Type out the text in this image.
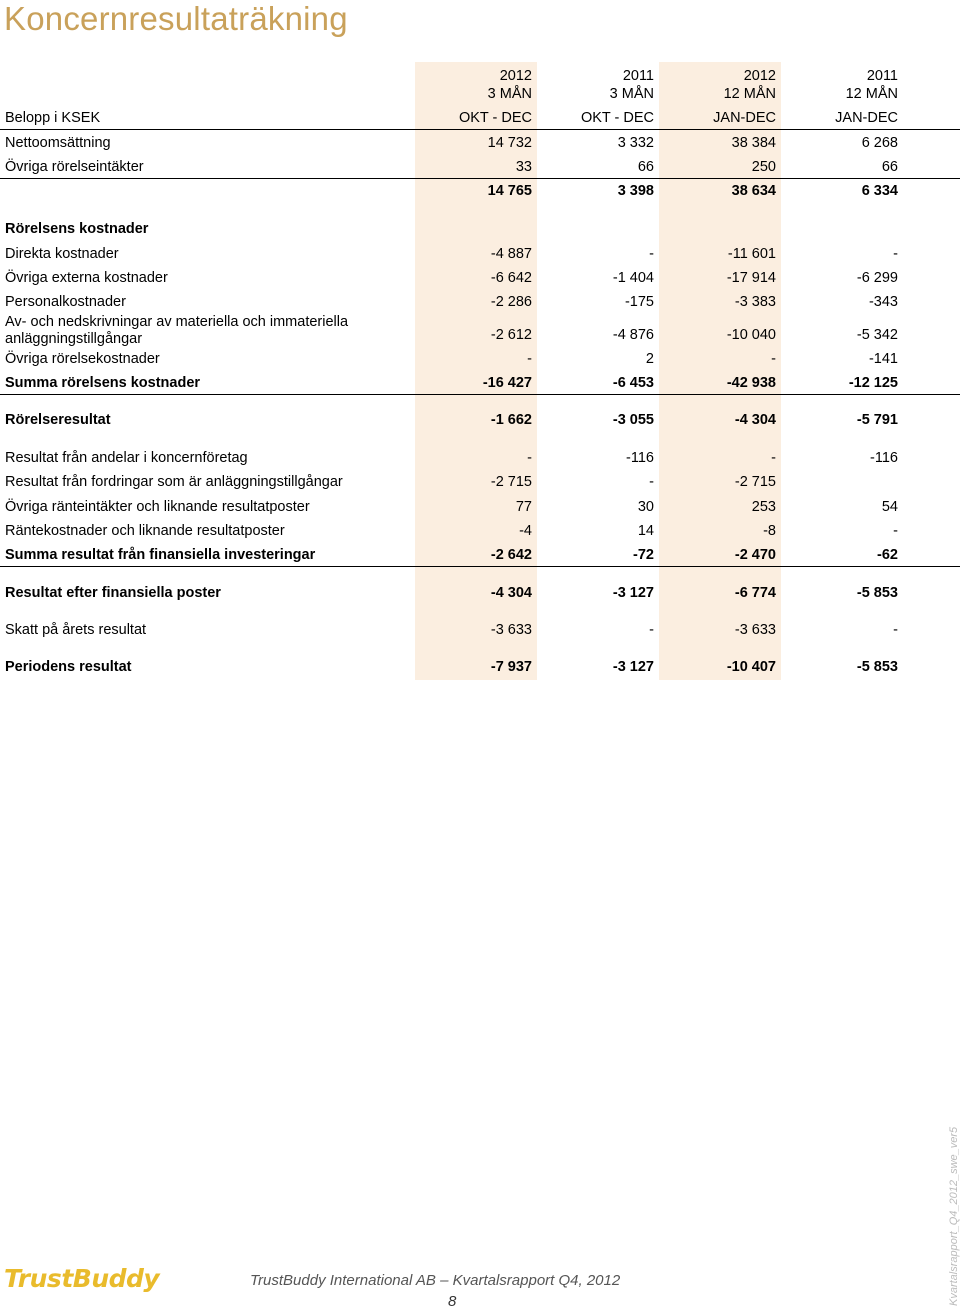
Koncernresultaträkning
2012	2011	2012	2011
3 MÅN	3 MÅN	12 MÅN	12 MÅN
Belopp i KSEK	OKT - DEC	OKT - DEC	JAN-DEC	JAN-DEC
Nettoomsättning	14 732	3 332	38 384	6 268
Övriga rörelseintäkter	33	66	250	66
14 765	3 398	38 634	6 334
Rörelsens kostnader
Direkta kostnader	-4 887	-	-11 601	-
Övriga externa kostnader	-6 642	-1 404	-17 914	-6 299
Personalkostnader	-2 286	-175	-3 383	-343
Av- och nedskrivningar av materiella och immateriella
anläggningstillgångar	-2 612	-4 876	-10 040	-5 342
Övriga rörelsekostnader	-	2	-	-141
Summa rörelsens kostnader	-16 427	-6 453	-42 938	-12 125
Rörelseresultat	-1 662	-3 055	-4 304	-5 791
Resultat från andelar i koncernföretag	-	-116	-	-116
Resultat från fordringar som är anläggningstillgångar	-2 715	-	-2 715
Övriga ränteintäkter och liknande resultatposter	77	30	253	54
Räntekostnader och liknande resultatposter	-4	14	-8	-
Summa resultat från finansiella investeringar	-2 642	-72	-2 470	-62
Resultat efter finansiella poster	-4 304	-3 127	-6 774	-5 853
Skatt på årets resultat	-3 633	-	-3 633	-
Periodens resultat	-7 937	-3 127	-10 407	-5 853
TrustBuddy	TrustBuddy International AB – Kvartalsrapport Q4, 2012
8	Kvartalsrapport_Q4_2012_swe_ver5
